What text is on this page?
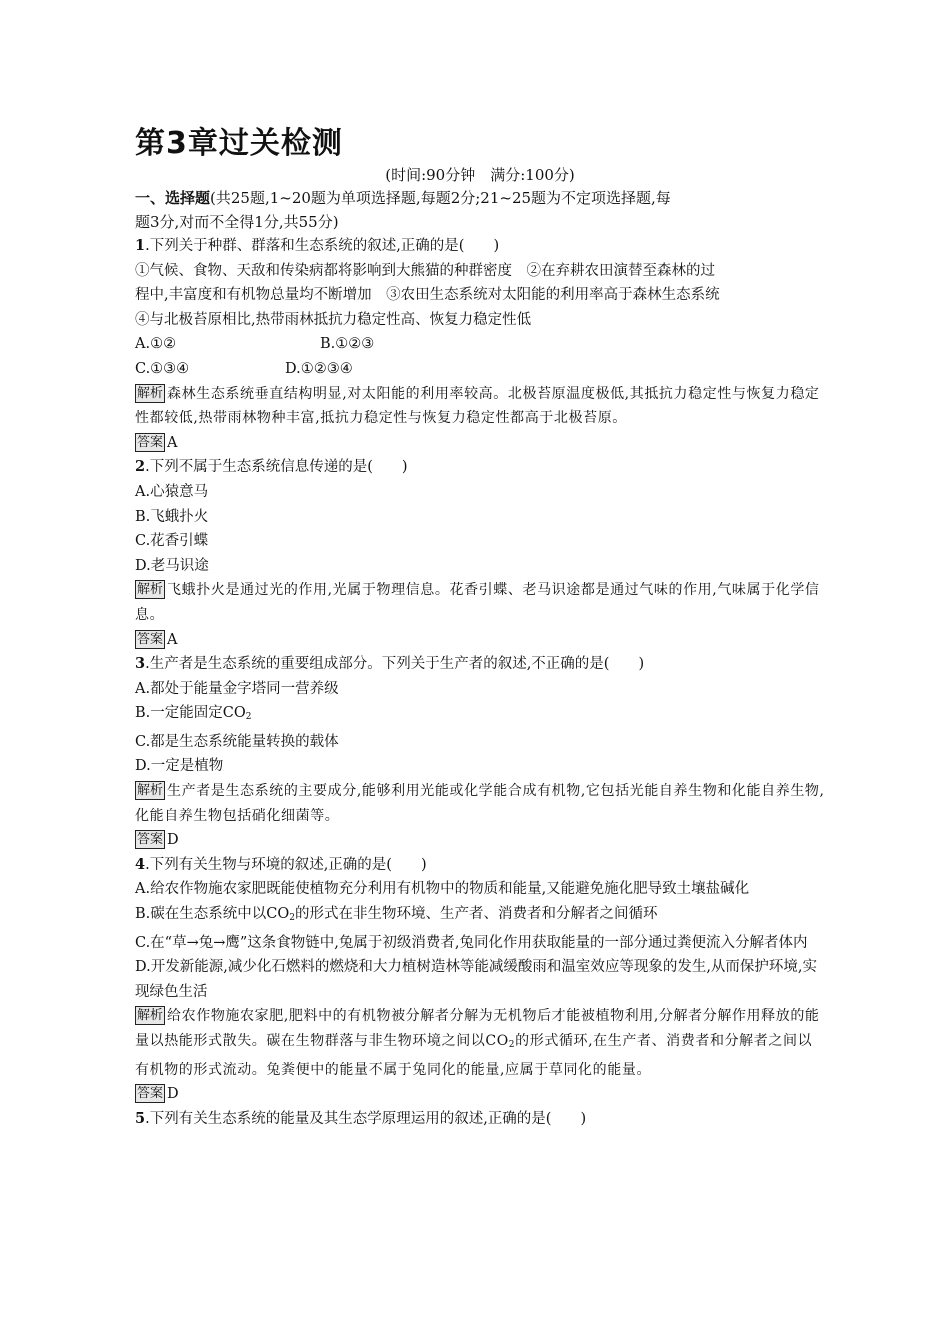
第3章过关检测
(时间:90分钟　满分:100分)
一、选择题(共25题,1~20题为单项选择题,每题2分;21~25题为不定项选择题,每
题3分,对而不全得1分,共55分)
1.下列关于种群、群落和生态系统的叙述,正确的是(　　)
①气候、食物、天敌和传染病都将影响到大熊猫的种群密度　②在弃耕农田演替至森林的过
程中,丰富度和有机物总量均不断增加　③农田生态系统对太阳能的利用率高于森林生态系统
④与北极苔原相比,热带雨林抵抗力稳定性高、恢复力稳定性低
A.①②	B.①②③
C.①③④	D.①②③④
解析 森林生态系统垂直结构明显,对太阳能的利用率较高。北极苔原温度极低,其抵抗力稳定性与恢复力稳定性都较低,热带雨林物种丰富,抵抗力稳定性与恢复力稳定性都高于北极苔原。
答案 A
2.下列不属于生态系统信息传递的是(　　)
A.心猿意马
B.飞蛾扑火
C.花香引蝶
D.老马识途
解析 飞蛾扑火是通过光的作用,光属于物理信息。花香引蝶、老马识途都是通过气味的作用,气味属于化学信息。
答案 A
3.生产者是生态系统的重要组成部分。下列关于生产者的叙述,不正确的是(　　)
A.都处于能量金字塔同一营养级
B.一定能固定$CO_2$
C.都是生态系统能量转换的载体
D.一定是植物
解析 生产者是生态系统的主要成分,能够利用光能或化学能合成有机物,它包括光能自养生物和化能自养生物,化能自养生物包括硝化细菌等。
答案 D
4.下列有关生物与环境的叙述,正确的是(　　)
A.给农作物施农家肥既能使植物充分利用有机物中的物质和能量,又能避免施化肥导致土壤盐碱化
B.碳在生态系统中以$CO_2$的形式在非生物环境、生产者、消费者和分解者之间循环
C.在“草→兔→鹰”这条食物链中,兔属于初级消费者,兔同化作用获取能量的一部分通过粪便流入分解者体内
D.开发新能源,减少化石燃料的燃烧和大力植树造林等能减缓酸雨和温室效应等现象的发生,从而保护环境,实现绿色生活
解析 给农作物施农家肥,肥料中的有机物被分解者分解为无机物后才能被植物利用,分解者分解作用释放的能量以热能形式散失。碳在生物群落与非生物环境之间以$CO_2$的形式循环,在生产者、消费者和分解者之间以有机物的形式流动。兔粪便中的能量不属于兔同化的能量,应属于草同化的能量。
答案 D
5.下列有关生态系统的能量及其生态学原理运用的叙述,正确的是(　　)
